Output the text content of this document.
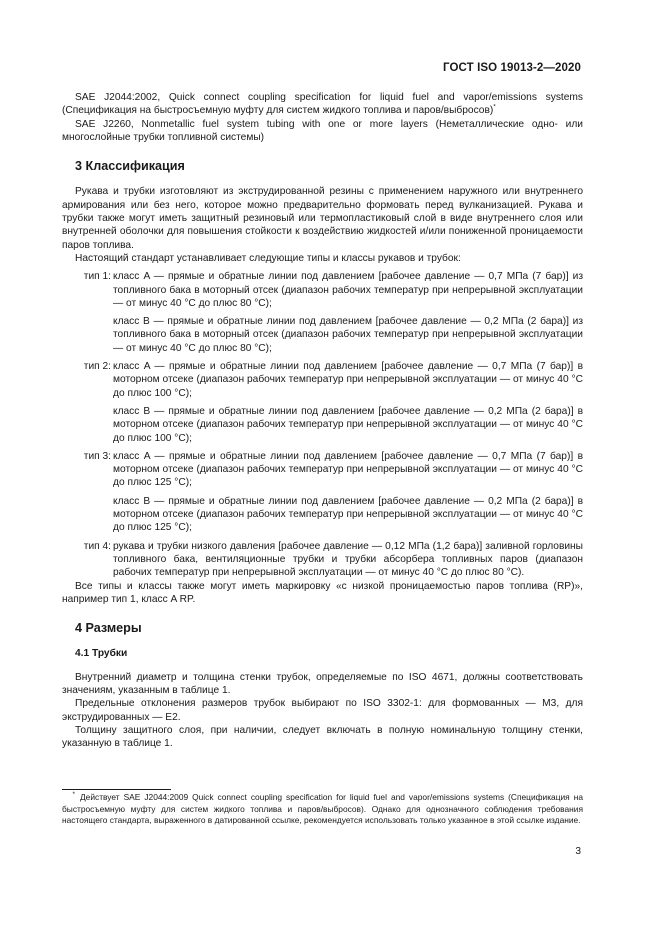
ГОСТ ISO 19013-2—2020

SAE J2044:2002, Quick connect coupling specification for liquid fuel and vapor/emissions systems (Спецификация на быстросъемную муфту для систем жидкого топлива и паров/выбросов)*

SAE J2260, Nonmetallic fuel system tubing with one or more layers (Неметаллические одно- или многослойные трубки топливной системы)

3 Классификация

Рукава и трубки изготовляют из экструдированной резины с применением наружного или внутреннего армирования или без него, которое можно предварительно формовать перед вулканизацией. Рукава и трубки также могут иметь защитный резиновый или термопластиковый слой в виде внутреннего слоя или внутренней оболочки для повышения стойкости к воздействию жидкостей и/или пониженной проницаемости паров топлива.

Настоящий стандарт устанавливает следующие типы и классы рукавов и трубок:

тип 1: класс A — прямые и обратные линии под давлением [рабочее давление — 0,7 МПа (7 бар)] из топливного бака в моторный отсек (диапазон рабочих температур при непрерывной эксплуатации — от минус 40 °C до плюс 80 °C);

класс B — прямые и обратные линии под давлением [рабочее давление — 0,2 МПа (2 бара)] из топливного бака в моторный отсек (диапазон рабочих температур при непрерывной эксплуатации — от минус 40 °C до плюс 80 °C);

тип 2: класс A — прямые и обратные линии под давлением [рабочее давление — 0,7 МПа (7 бар)] в моторном отсеке (диапазон рабочих температур при непрерывной эксплуатации — от минус 40 °C до плюс 100 °C);

класс B — прямые и обратные линии под давлением [рабочее давление — 0,2 МПа (2 бара)] в моторном отсеке (диапазон рабочих температур при непрерывной эксплуатации — от минус 40 °C до плюс 100 °C);

тип 3: класс A — прямые и обратные линии под давлением [рабочее давление — 0,7 МПа (7 бар)] в моторном отсеке (диапазон рабочих температур при непрерывной эксплуатации — от минус 40 °C до плюс 125 °C);

класс B — прямые и обратные линии под давлением [рабочее давление — 0,2 МПа (2 бара)] в моторном отсеке (диапазон рабочих температур при непрерывной эксплуатации — от минус 40 °C до плюс 125 °C);

тип 4: рукава и трубки низкого давления [рабочее давление — 0,12 МПа (1,2 бара)] заливной горловины топливного бака, вентиляционные трубки и трубки абсорбера топливных паров (диапазон рабочих температур при непрерывной эксплуатации — от минус 40 °C до плюс 80 °C).

Все типы и классы также могут иметь маркировку «с низкой проницаемостью паров топлива (RP)», например тип 1, класс A RP.

4 Размеры
4.1 Трубки

Внутренний диаметр и толщина стенки трубок, определяемые по ISO 4671, должны соответствовать значениям, указанным в таблице 1.

Предельные отклонения размеров трубок выбирают по ISO 3302-1: для формованных — М3, для экструдированных — Е2.

Толщину защитного слоя, при наличии, следует включать в полную номинальную толщину стенки, указанную в таблице 1.

* Действует SAE J2044:2009 Quick connect coupling specification for liquid fuel and vapor/emissions systems (Спецификация на быстросъемную муфту для систем жидкого топлива и паров/выбросов). Однако для однозначного соблюдения требования настоящего стандарта, выраженного в датированной ссылке, рекомендуется использовать только указанное в этой ссылке издание.
3
